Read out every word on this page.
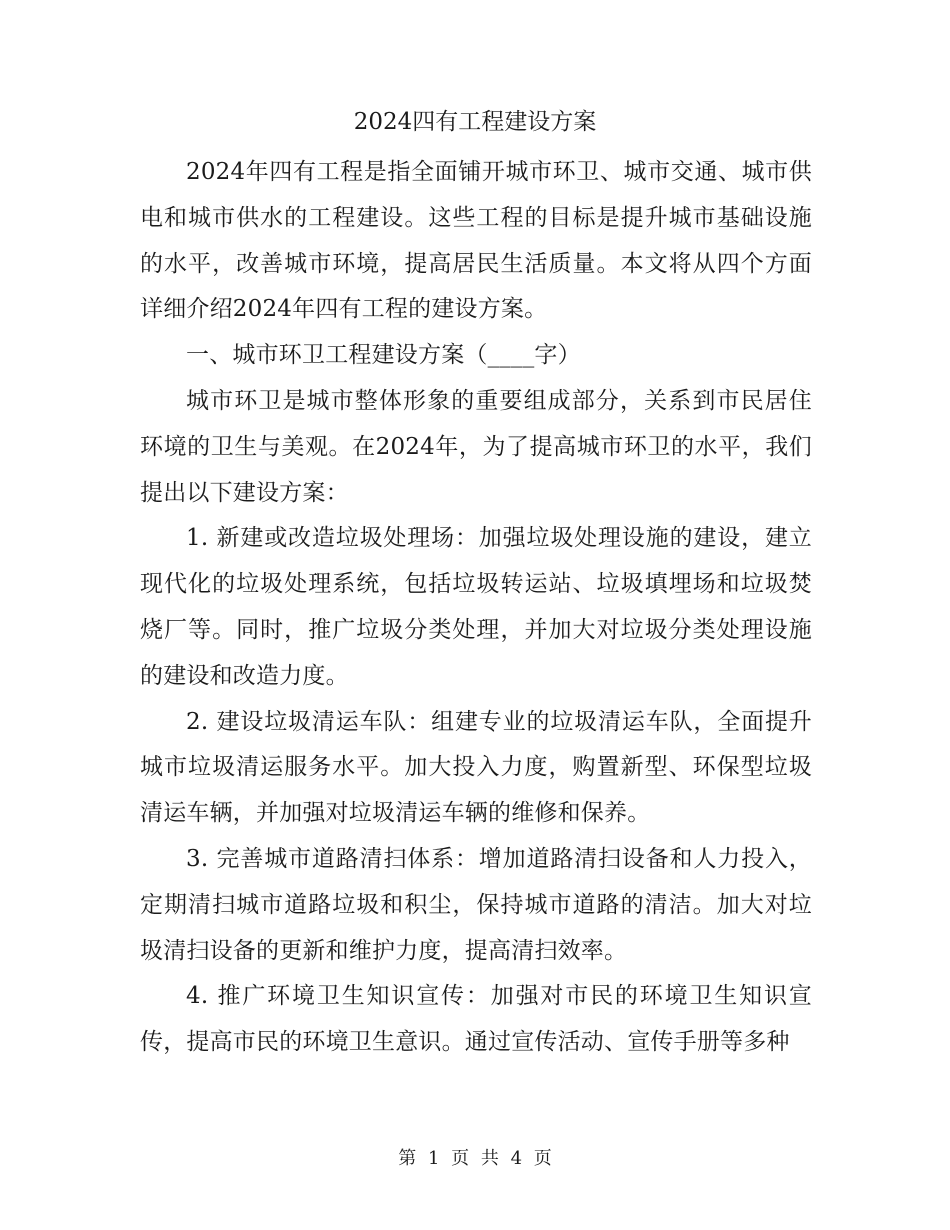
2024四有工程建设方案

2024年四有工程是指全面铺开城市环卫、城市交通、城市供电和城市供水的工程建设。这些工程的目标是提升城市基础设施的水平，改善城市环境，提高居民生活质量。本文将从四个方面详细介绍2024年四有工程的建设方案。

一、城市环卫工程建设方案（____字）

城市环卫是城市整体形象的重要组成部分，关系到市民居住环境的卫生与美观。在2024年，为了提高城市环卫的水平，我们提出以下建设方案：

1. 新建或改造垃圾处理场：加强垃圾处理设施的建设，建立现代化的垃圾处理系统，包括垃圾转运站、垃圾填埋场和垃圾焚烧厂等。同时，推广垃圾分类处理，并加大对垃圾分类处理设施的建设和改造力度。

2. 建设垃圾清运车队：组建专业的垃圾清运车队，全面提升城市垃圾清运服务水平。加大投入力度，购置新型、环保型垃圾清运车辆，并加强对垃圾清运车辆的维修和保养。

3. 完善城市道路清扫体系：增加道路清扫设备和人力投入，定期清扫城市道路垃圾和积尘，保持城市道路的清洁。加大对垃圾清扫设备的更新和维护力度，提高清扫效率。

4. 推广环境卫生知识宣传：加强对市民的环境卫生知识宣传，提高市民的环境卫生意识。通过宣传活动、宣传手册等多种

第 1 页 共 4 页
